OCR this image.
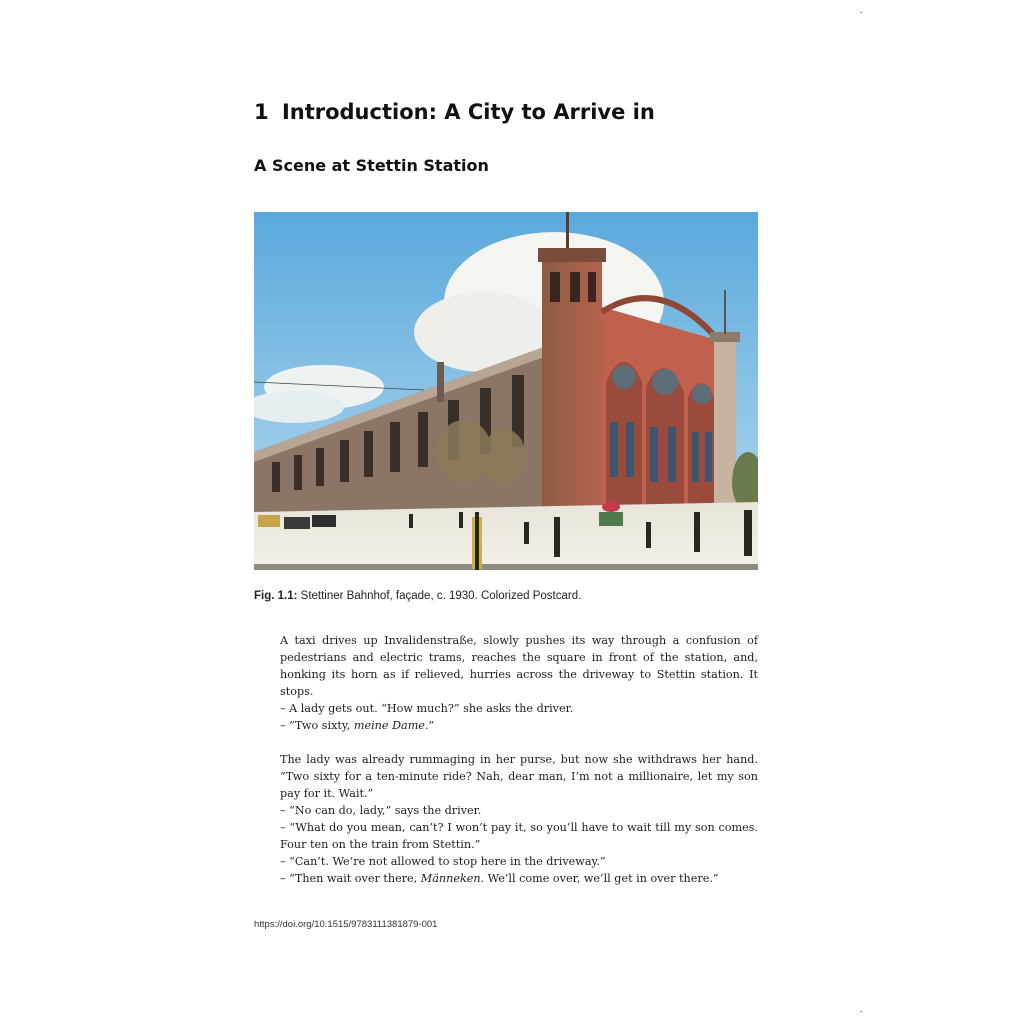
1 Introduction: A City to Arrive in
A Scene at Stettin Station

Fig. 1.1: Stettiner Bahnhof, façade, c. 1930. Colorized Postcard.

A taxi drives up Invalidenstraße, slowly pushes its way through a confusion of pedestrians and electric trams, reaches the square in front of the station, and, honking its horn as if relieved, hurries across the driveway to Stettin station. It stops.

– A lady gets out. “How much?” she asks the driver.

– “Two sixty, meine Dame.”

The lady was already rummaging in her purse, but now she withdraws her hand. “Two sixty for a ten-minute ride? Nah, dear man, I’m not a millionaire, let my son pay for it. Wait.”

– “No can do, lady,” says the driver.

– “What do you mean, can’t? I won’t pay it, so you’ll have to wait till my son comes. Four ten on the train from Stettin.”

– “Can’t. We’re not allowed to stop here in the driveway.”

– “Then wait over there, Männeken. We’ll come over, we’ll get in over there.”

https://doi.org/10.1515/9783111381879-001
